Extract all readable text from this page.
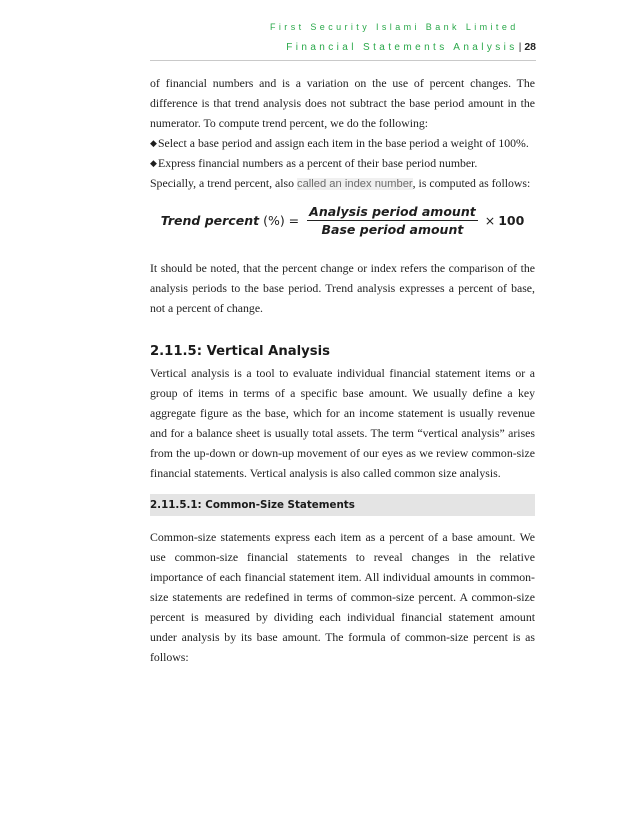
First Security Islami Bank Limited
Financial Statements Analysis | 28

of financial numbers and is a variation on the use of percent changes. The difference is that trend analysis does not subtract the base period amount in the numerator. To compute trend percent, we do the following:

◆ Select a base period and assign each item in the base period a weight of 100%.
◆ Express financial numbers as a percent of their base period number.

Specially, a trend percent, also called an index number, is computed as follows:

Trend percent (%) = $\frac{\text{Analysis period amount}}{\text{Base period amount}} \times 100$

It should be noted, that the percent change or index refers the comparison of the analysis periods to the base period. Trend analysis expresses a percent of base, not a percent of change.

2.11.5: Vertical Analysis

Vertical analysis is a tool to evaluate individual financial statement items or a group of items in terms of a specific base amount. We usually define a key aggregate figure as the base, which for an income statement is usually revenue and for a balance sheet is usually total assets. The term “vertical analysis” arises from the up-down or down-up movement of our eyes as we review common-size financial statements. Vertical analysis is also called common size analysis.

2.11.5.1: Common-Size Statements

Common-size statements express each item as a percent of a base amount. We use common-size financial statements to reveal changes in the relative importance of each financial statement item. All individual amounts in common-size statements are redefined in terms of common-size percent. A common-size percent is measured by dividing each individual financial statement amount under analysis by its base amount. The formula of common-size percent is as follows:
